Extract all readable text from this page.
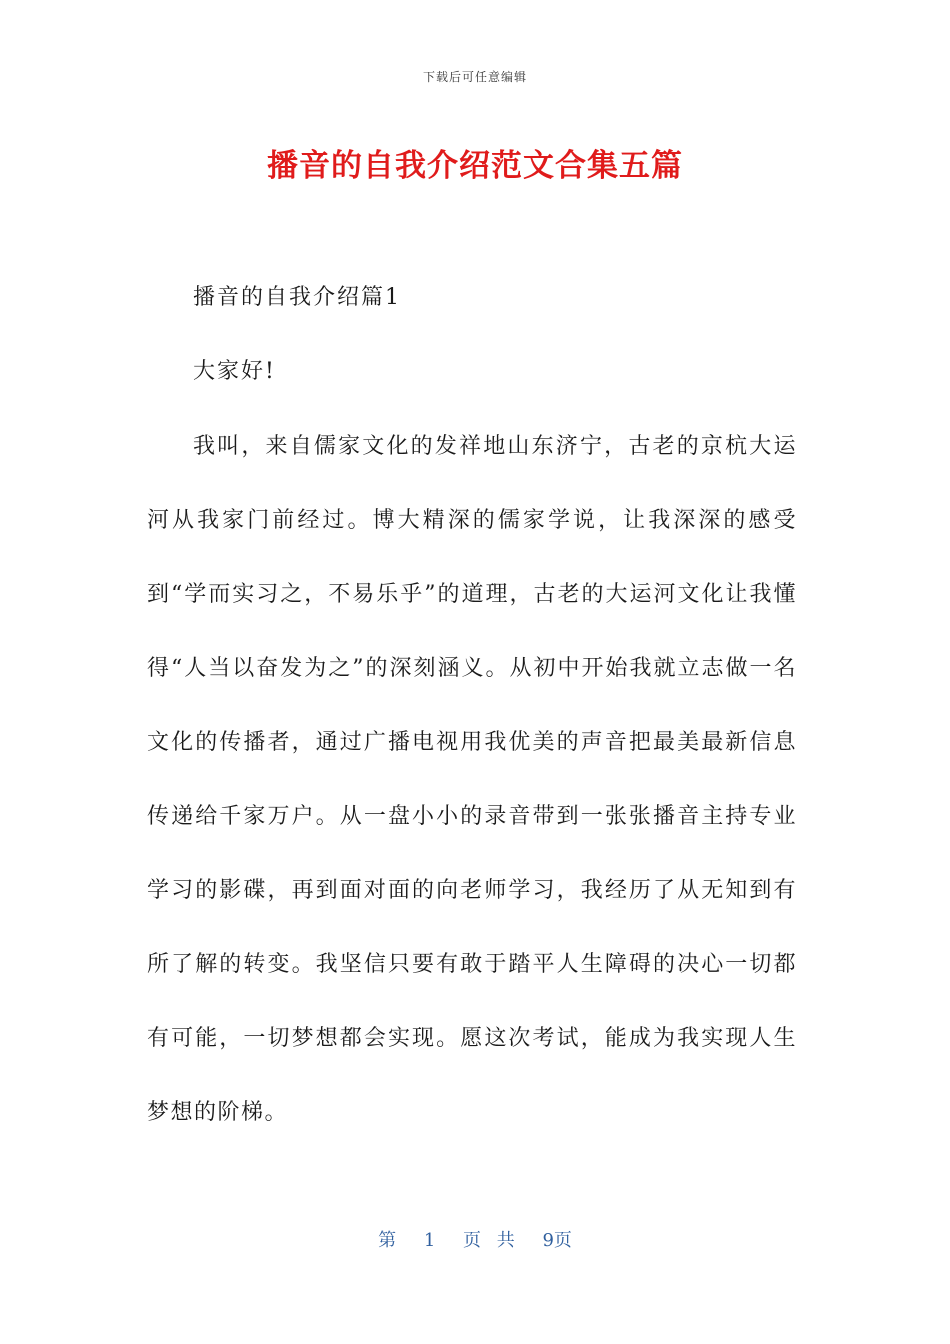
下载后可任意编辑
播音的自我介绍范文合集五篇
播音的自我介绍篇1

大家好!

我叫，来自儒家文化的发祥地山东济宁，古老的京杭大运河从我家门前经过。博大精深的儒家学说，让我深深的感受到“学而实习之，不易乐乎”的道理，古老的大运河文化让我懂得“人当以奋发为之”的深刻涵义。从初中开始我就立志做一名文化的传播者，通过广播电视用我优美的声音把最美最新信息传递给千家万户。从一盘小小的录音带到一张张播音主持专业学习的影碟，再到面对面的向老师学习，我经历了从无知到有所了解的转变。我坚信只要有敢于踏平人生障碍的决心一切都有可能，一切梦想都会实现。愿这次考试，能成为我实现人生梦想的阶梯。

第 1 页 共 9页
